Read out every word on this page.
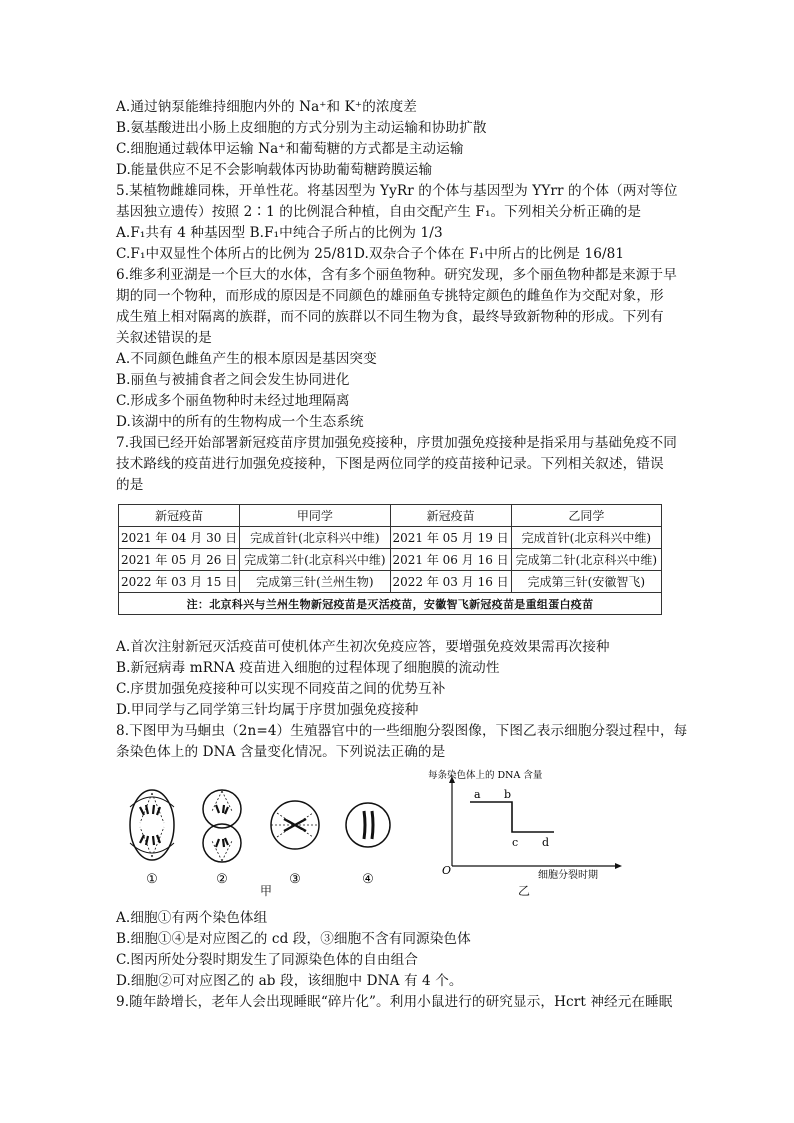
A.通过钠泵能维持细胞内外的 Na⁺和 K⁺的浓度差
B.氨基酸进出小肠上皮细胞的方式分别为主动运输和协助扩散
C.细胞通过载体甲运输 Na⁺和葡萄糖的方式都是主动运输
D.能量供应不足不会影响载体丙协助葡萄糖跨膜运输
5.某植物雌雄同株，开单性花。将基因型为 YyRr 的个体与基因型为 YYrr 的个体（两对等位
基因独立遗传）按照 2∶1 的比例混合种植，自由交配产生 F₁。下列相关分析正确的是
A.F₁共有 4 种基因型 B.F₁中纯合子所占的比例为 1/3
C.F₁中双显性个体所占的比例为 25/81D.双杂合子个体在 F₁中所占的比例是 16/81
6.维多利亚湖是一个巨大的水体，含有多个丽鱼物种。研究发现，多个丽鱼物种都是来源于早
期的同一个物种，而形成的原因是不同颜色的雄丽鱼专挑特定颜色的雌鱼作为交配对象，形
成生殖上相对隔离的族群，而不同的族群以不同生物为食，最终导致新物种的形成。下列有
关叙述错误的是
A.不同颜色雌鱼产生的根本原因是基因突变
B.丽鱼与被捕食者之间会发生协同进化
C.形成多个丽鱼物种时未经过地理隔离
D.该湖中的所有的生物构成一个生态系统
7.我国已经开始部署新冠疫苗序贯加强免疫接种，序贯加强免疫接种是指采用与基础免疫不同
技术路线的疫苗进行加强免疫接种，下图是两位同学的疫苗接种记录。下列相关叙述，错误
的是
新冠疫苗	甲同学	新冠疫苗	乙同学
2021 年 04 月 30 日	完成首针(北京科兴中维)	2021 年 05 月 19 日	完成首针(北京科兴中维)
2021 年 05 月 26 日	完成第二针(北京科兴中维)	2021 年 06 月 16 日	完成第二针(北京科兴中维)
2022 年 03 月 15 日	完成第三针(兰州生物)	2022 年 03 月 16 日	完成第三针(安徽智飞)
注：北京科兴与兰州生物新冠疫苗是灭活疫苗，安徽智飞新冠疫苗是重组蛋白疫苗			
A.首次注射新冠灭活疫苗可使机体产生初次免疫应答，要增强免疫效果需再次接种
B.新冠病毒 mRNA 疫苗进入细胞的过程体现了细胞膜的流动性
C.序贯加强免疫接种可以实现不同疫苗之间的优势互补
D.甲同学与乙同学第三针均属于序贯加强免疫接种
8.下图甲为马蛔虫（2n=4）生殖器官中的一些细胞分裂图像，下图乙表示细胞分裂过程中，每
条染色体上的 DNA 含量变化情况。下列说法正确的是
①	②	③	④
甲
每条染色体上的 DNA 含量
细胞分裂时期
O
a b
c d
乙
A.细胞①有两个染色体组
B.细胞①④是对应图乙的 cd 段，③细胞不含有同源染色体
C.图丙所处分裂时期发生了同源染色体的自由组合
D.细胞②可对应图乙的 ab 段，该细胞中 DNA 有 4 个。
9.随年龄增长，老年人会出现睡眠“碎片化”。利用小鼠进行的研究显示，Hcrt 神经元在睡眠
